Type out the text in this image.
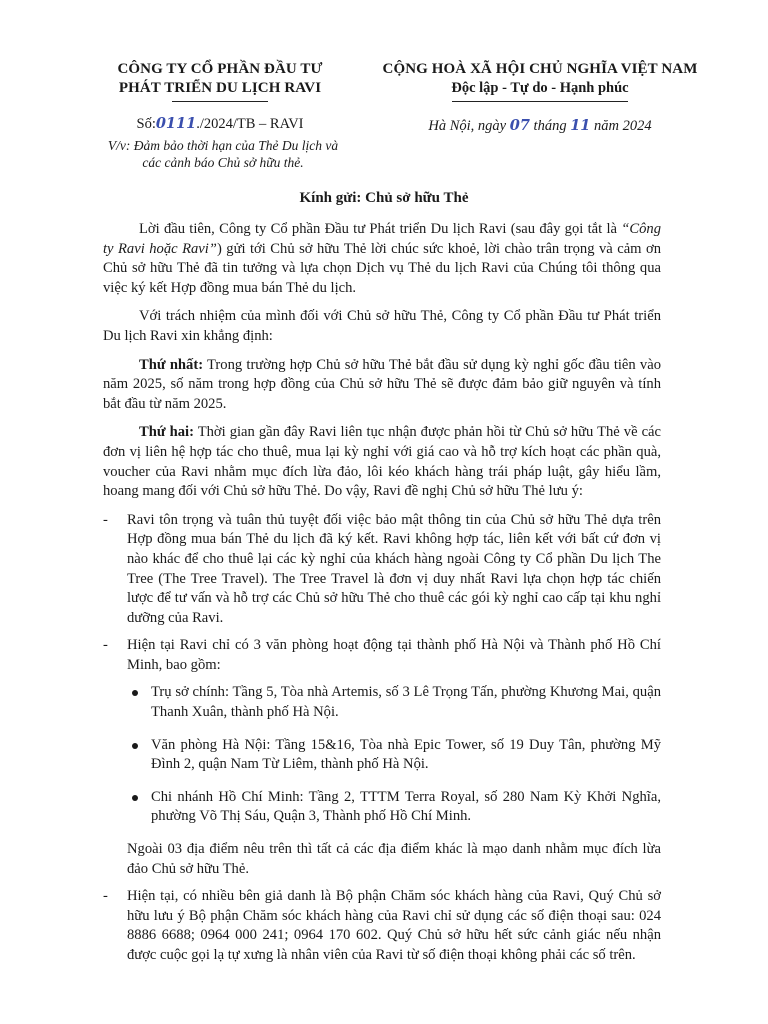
CÔNG TY CỔ PHẦN ĐẦU TƯ
PHÁT TRIỂN DU LỊCH RAVI
Số:0111./2024/TB – RAVI
V/v: Đảm bảo thời hạn của Thẻ Du lịch và
các cảnh báo Chủ sở hữu thẻ.
CỘNG HOÀ XÃ HỘI CHỦ NGHĨA VIỆT NAM
Độc lập - Tự do - Hạnh phúc
Hà Nội, ngày 07 tháng 11 năm 2024
Kính gửi: Chủ sở hữu Thẻ

Lời đầu tiên, Công ty Cổ phần Đầu tư Phát triển Du lịch Ravi (sau đây gọi tắt là “Công ty Ravi hoặc Ravi”) gửi tới Chủ sở hữu Thẻ lời chúc sức khoẻ, lời chào trân trọng và cảm ơn Chủ sở hữu Thẻ đã tin tưởng và lựa chọn Dịch vụ Thẻ du lịch Ravi của Chúng tôi thông qua việc ký kết Hợp đồng mua bán Thẻ du lịch.

Với trách nhiệm của mình đối với Chủ sở hữu Thẻ, Công ty Cổ phần Đầu tư Phát triển Du lịch Ravi xin khẳng định:

Thứ nhất: Trong trường hợp Chủ sở hữu Thẻ bắt đầu sử dụng kỳ nghỉ gốc đầu tiên vào năm 2025, số năm trong hợp đồng của Chủ sở hữu Thẻ sẽ được đảm bảo giữ nguyên và tính bắt đầu từ năm 2025.

Thứ hai: Thời gian gần đây Ravi liên tục nhận được phản hồi từ Chủ sở hữu Thẻ về các đơn vị liên hệ hợp tác cho thuê, mua lại kỳ nghỉ với giá cao và hỗ trợ kích hoạt các phần quà, voucher của Ravi nhằm mục đích lừa đảo, lôi kéo khách hàng trái pháp luật, gây hiểu lầm, hoang mang đối với Chủ sở hữu Thẻ. Do vậy, Ravi đề nghị Chủ sở hữu Thẻ lưu ý:

- Ravi tôn trọng và tuân thủ tuyệt đối việc bảo mật thông tin của Chủ sở hữu Thẻ dựa trên Hợp đồng mua bán Thẻ du lịch đã ký kết. Ravi không hợp tác, liên kết với bất cứ đơn vị nào khác để cho thuê lại các kỳ nghỉ của khách hàng ngoài Công ty Cổ phần Du lịch The Tree (The Tree Travel). The Tree Travel là đơn vị duy nhất Ravi lựa chọn hợp tác chiến lược để tư vấn và hỗ trợ các Chủ sở hữu Thẻ cho thuê các gói kỳ nghỉ cao cấp tại khu nghỉ dưỡng của Ravi.

- Hiện tại Ravi chỉ có 3 văn phòng hoạt động tại thành phố Hà Nội và Thành phố Hồ Chí Minh, bao gồm:

Trụ sở chính: Tầng 5, Tòa nhà Artemis, số 3 Lê Trọng Tấn, phường Khương Mai, quận Thanh Xuân, thành phố Hà Nội.
Văn phòng Hà Nội: Tầng 15&16, Tòa nhà Epic Tower, số 19 Duy Tân, phường Mỹ Đình 2, quận Nam Từ Liêm, thành phố Hà Nội.
Chi nhánh Hồ Chí Minh: Tầng 2, TTTM Terra Royal, số 280 Nam Kỳ Khởi Nghĩa, phường Võ Thị Sáu, Quận 3, Thành phố Hồ Chí Minh.

Ngoài 03 địa điểm nêu trên thì tất cả các địa điểm khác là mạo danh nhằm mục đích lừa đảo Chủ sở hữu Thẻ.

- Hiện tại, có nhiều bên giả danh là Bộ phận Chăm sóc khách hàng của Ravi, Quý Chủ sở hữu lưu ý Bộ phận Chăm sóc khách hàng của Ravi chỉ sử dụng các số điện thoại sau: 024 8886 6688; 0964 000 241; 0964 170 602. Quý Chủ sở hữu hết sức cảnh giác nếu nhận được cuộc gọi lạ tự xưng là nhân viên của Ravi từ số điện thoại không phải các số trên.
